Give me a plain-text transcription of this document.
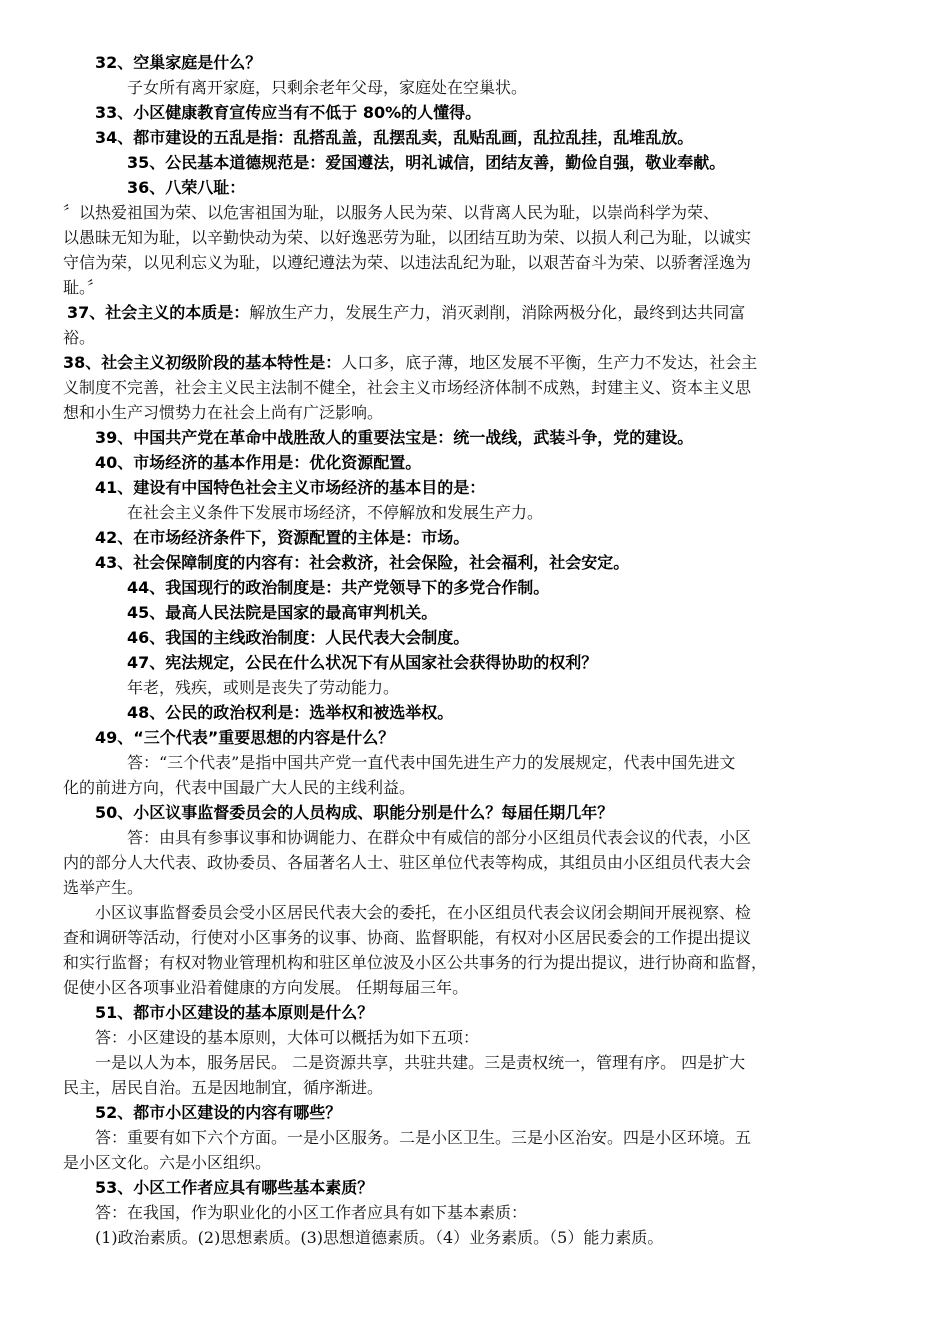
32、空巢家庭是什么？
子女所有离开家庭，只剩余老年父母，家庭处在空巢状。
33、小区健康教育宣传应当有不低于 80%的人懂得。
34、都市建设的五乱是指：乱搭乱盖，乱摆乱卖，乱贴乱画，乱拉乱挂，乱堆乱放。
35、公民基本道德规范是：爱国遵法，明礼诚信，团结友善，勤俭自强，敬业奉献。
36、八荣八耻：
〞以热爱祖国为荣、以危害祖国为耻，以服务人民为荣、以背离人民为耻，以崇尚科学为荣、
以愚昧无知为耻，以辛勤快动为荣、以好逸恶劳为耻，以团结互助为荣、以损人利己为耻，以诚实
守信为荣，以见利忘义为耻，以遵纪遵法为荣、以违法乱纪为耻，以艰苦奋斗为荣、以骄奢淫逸为
耻。〞
37、社会主义的本质是：解放生产力，发展生产力，消灭剥削，消除两极分化，最终到达共同富
裕。
38、社会主义初级阶段的基本特性是：人口多，底子薄，地区发展不平衡，生产力不发达，社会主
义制度不完善，社会主义民主法制不健全，社会主义市场经济体制不成熟，封建主义、资本主义思
想和小生产习惯势力在社会上尚有广泛影响。
39、中国共产党在革命中战胜敌人的重要法宝是：统一战线，武装斗争，党的建设。
40、市场经济的基本作用是：优化资源配置。
41、建设有中国特色社会主义市场经济的基本目的是：
在社会主义条件下发展市场经济，不停解放和发展生产力。
42、在市场经济条件下，资源配置的主体是：市场。
43、社会保障制度的内容有：社会救济，社会保险，社会福利，社会安定。
44、我国现行的政治制度是：共产党领导下的多党合作制。
45、最高人民法院是国家的最高审判机关。
46、我国的主线政治制度：人民代表大会制度。
47、宪法规定，公民在什么状况下有从国家社会获得协助的权利？
年老，残疾，或则是丧失了劳动能力。
48、公民的政治权利是：选举权和被选举权。
49、“三个代表”重要思想的内容是什么？
答：“三个代表”是指中国共产党一直代表中国先进生产力的发展规定，代表中国先进文
化的前进方向，代表中国最广大人民的主线利益。
50、小区议事监督委员会的人员构成、职能分别是什么？每届任期几年？
答：由具有参事议事和协调能力、在群众中有威信的部分小区组员代表会议的代表，小区
内的部分人大代表、政协委员、各届著名人士、驻区单位代表等构成，其组员由小区组员代表大会
选举产生。
小区议事监督委员会受小区居民代表大会的委托，在小区组员代表会议闭会期间开展视察、检
查和调研等活动，行使对小区事务的议事、协商、监督职能，有权对小区居民委会的工作提出提议
和实行监督；有权对物业管理机构和驻区单位波及小区公共事务的行为提出提议，进行协商和监督，
促使小区各项事业沿着健康的方向发展。 任期每届三年。
51、都市小区建设的基本原则是什么？
答：小区建设的基本原则，大体可以概括为如下五项：
一是以人为本，服务居民。 二是资源共享，共驻共建。三是责权统一，管理有序。 四是扩大
民主，居民自治。五是因地制宜，循序渐进。
52、都市小区建设的内容有哪些？
答：重要有如下六个方面。一是小区服务。二是小区卫生。三是小区治安。四是小区环境。五
是小区文化。六是小区组织。
53、小区工作者应具有哪些基本素质？
答：在我国，作为职业化的小区工作者应具有如下基本素质：
(1)政治素质。(2)思想素质。(3)思想道德素质。（4）业务素质。（5）能力素质。
